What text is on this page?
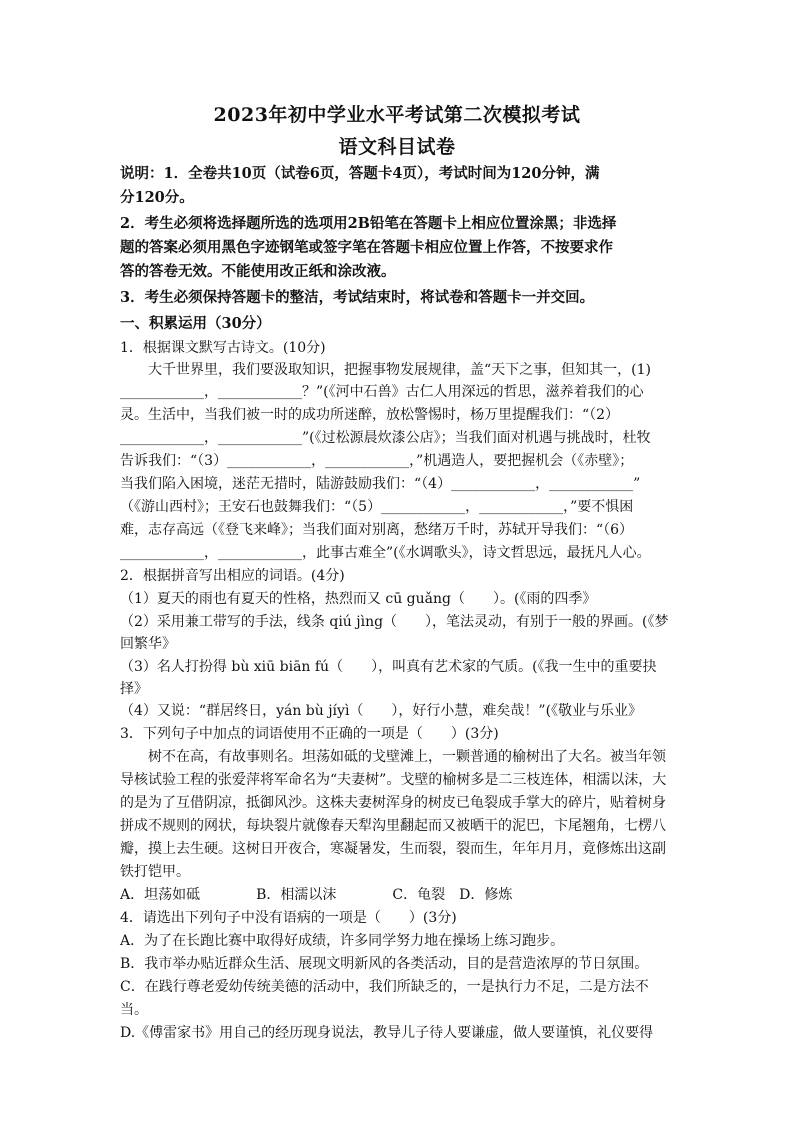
2023年初中学业水平考试第二次模拟考试
语文科目试卷
说明：1．全卷共10页（试卷6页，答题卡4页），考试时间为120分钟，满
分120分。
2．考生必须将选择题所选的选项用2B铅笔在答题卡上相应位置涂黑；非选择
题的答案必须用黑色字迹钢笔或签字笔在答题卡相应位置上作答，不按要求作
答的答卷无效。不能使用改正纸和涂改液。
3．考生必须保持答题卡的整洁，考试结束时，将试卷和答题卡一并交回。
一、积累运用（30分）
1．根据课文默写古诗文。(10分)
大千世界里，我们要汲取知识，把握事物发展规律，盖“天下之事，但知其一，(1)
____________，____________？”(《河中石兽》古仁人用深远的哲思，滋养着我们的心
灵。生活中，当我们被一时的成功所迷醉，放松警惕时，杨万里提醒我们：“（2）
____________，____________”(《过松源晨炊漆公店》；当我们面对机遇与挑战时，杜牧
告诉我们：“（3）____________，____________，”机遇造人，要把握机会（《赤壁》；
当我们陷入困境，迷茫无措时，陆游鼓励我们：“（4）____________，____________”
（《游山西村》；王安石也鼓舞我们：“（5）____________，____________，”要不惧困
难，志存高远（《登飞来峰》；当我们面对别离，愁绪万千时，苏轼开导我们：“（6）
____________，____________，此事古难全”(《水调歌头》，诗文哲思远，最抚凡人心。
2．根据拼音写出相应的词语。(4分)
（1）夏天的雨也有夏天的性格，热烈而又 cū guǎng（　　）。(《雨的四季》
（2）采用兼工带写的手法，线条 qiú jìng（　　），笔法灵动，有别于一般的界画。(《梦
回繁华》
（3）名人打扮得 bù xiū biān fú（　　），叫真有艺术家的气质。(《我一生中的重要抉
择》
（4）又说：“群居终日，yán bù jíyì（　　），好行小慧，难矣哉！”(《敬业与乐业》
3．下列句子中加点的词语使用不正确的一项是（　　）(3分)
树不在高，有故事则名。坦荡如砥的戈壁滩上，一颗普通的榆树出了大名。被当年领
导核试验工程的张爱萍将军命名为“夫妻树”。戈壁的榆树多是二三枝连体，相濡以沫，大
的是为了互借阴凉，抵御风沙。这株夫妻树浑身的树皮已龟裂成手掌大的碎片，贴着树身
拼成不规则的网状，每块裂片就像春天犁沟里翻起而又被晒干的泥巴，卞尾翘角，七楞八
瓣，摸上去生硬。这树日开夜合，寒凝暑发，生而裂，裂而生，年年月月，竟修炼出这副
铁打铠甲。
A．坦荡如砥　　　　B．相濡以沫　　　　C．龟裂　D．修炼
4．请选出下列句子中没有语病的一项是（　　）(3分)
A．为了在长跑比赛中取得好成绩，许多同学努力地在操场上练习跑步。
B．我市举办贴近群众生活、展现文明新风的各类活动，目的是营造浓厚的节日氛围。
C．在践行尊老爱幼传统美德的活动中，我们所缺乏的，一是执行力不足，二是方法不
当。
D.《傅雷家书》用自己的经历现身说法，教导儿子待人要谦虚，做人要谨慎，礼仪要得
